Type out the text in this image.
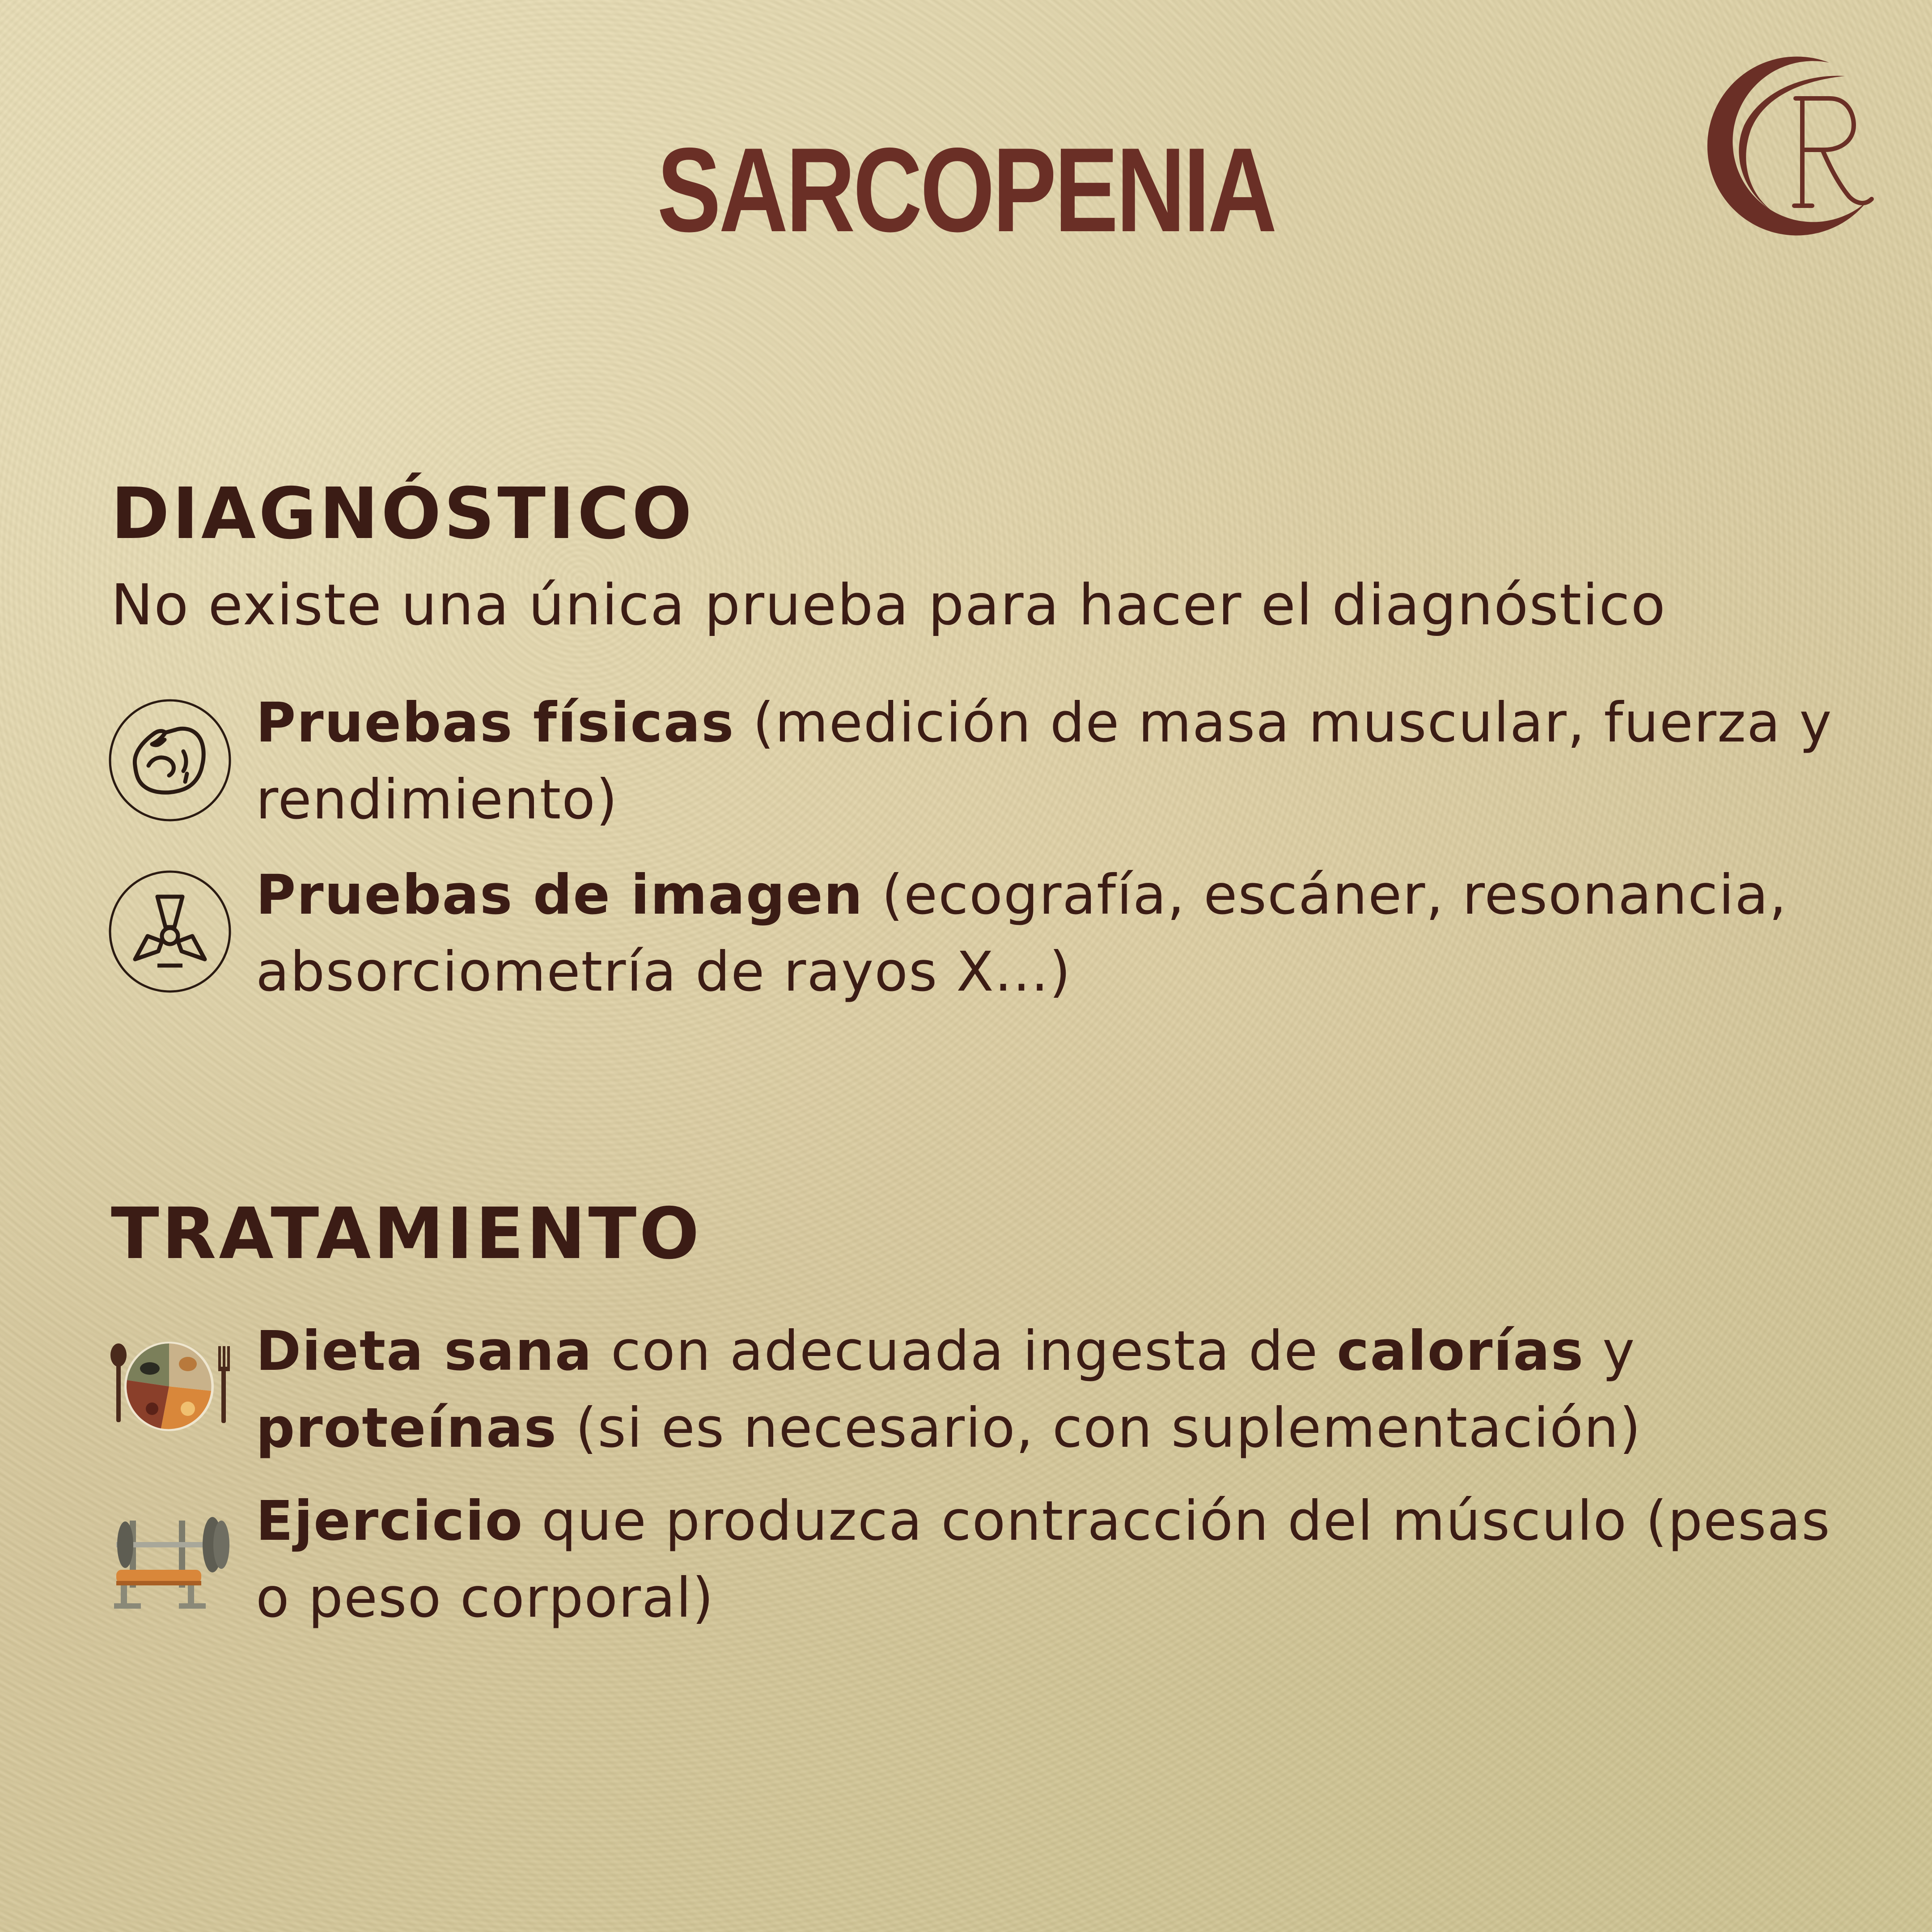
SARCOPENIA
DIAGNÓSTICO
No existe una única prueba para hacer el diagnóstico
Pruebas físicas (medición de masa muscular, fuerza y rendimiento)
Pruebas de imagen (ecografía, escáner, resonancia, absorciometría de rayos X...)
TRATAMIENTO
Dieta sana con adecuada ingesta de calorías y proteínas (si es necesario, con suplementación)
Ejercicio que produzca contracción del músculo (pesas o peso corporal)
